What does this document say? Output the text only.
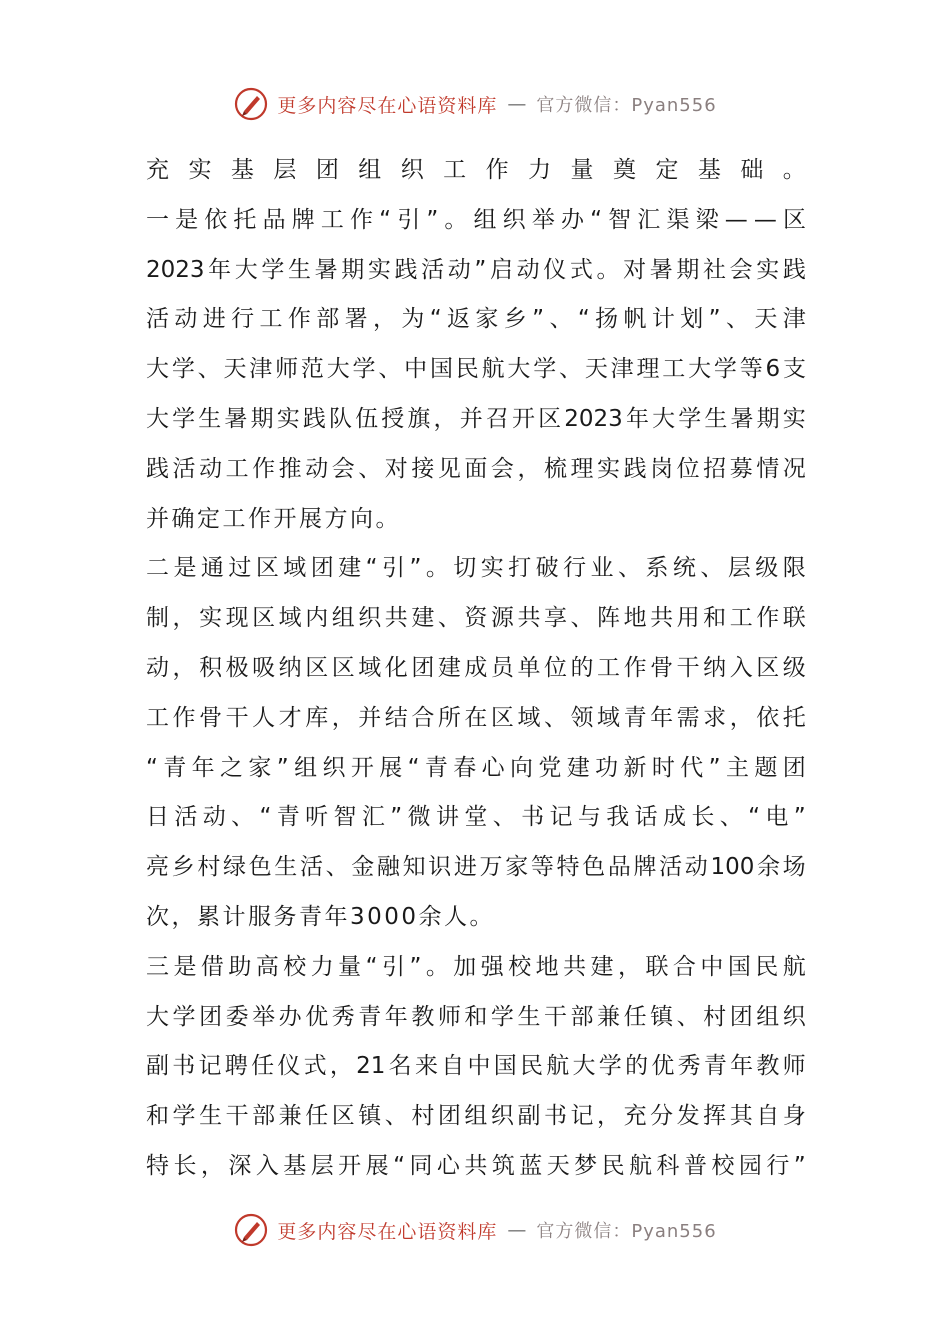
更多内容尽在心语资料库 — 官方微信：Pyan556
充 实 基 层 团 组 织 工 作 力 量 奠 定 基 础 。
一 是 依 托 品 牌 工 作 “ 引 ” 。 组 织 举 办 “ 智 汇 渠 梁 — — 区
2023 年 大 学 生 暑 期 实 践 活 动 ” 启 动 仪 式 。 对 暑 期 社 会 实 践
活 动 进 行 工 作 部 署 ， 为 “ 返 家 乡 ” 、 “ 扬 帆 计 划 ” 、 天 津
大 学 、 天 津 师 范 大 学 、 中 国 民 航 大 学 、 天 津 理 工 大 学 等 6 支
大 学 生 暑 期 实 践 队 伍 授 旗 ， 并 召 开 区 2023 年 大 学 生 暑 期 实
践 活 动 工 作 推 动 会 、 对 接 见 面 会 ， 梳 理 实 践 岗 位 招 募 情 况
并 确 定 工 作 开 展 方 向 。
二 是 通 过 区 域 团 建 “ 引 ” 。 切 实 打 破 行 业 、 系 统 、 层 级 限
制 ， 实 现 区 域 内 组 织 共 建 、 资 源 共 享 、 阵 地 共 用 和 工 作 联
动 ， 积 极 吸 纳 区 区 域 化 团 建 成 员 单 位 的 工 作 骨 干 纳 入 区 级
工 作 骨 干 人 才 库 ， 并 结 合 所 在 区 域 、 领 域 青 年 需 求 ， 依 托
“ 青 年 之 家 ” 组 织 开 展 “ 青 春 心 向 党 建 功 新 时 代 ” 主 题 团
日 活 动 、 “ 青 听 智 汇 ” 微 讲 堂 、 书 记 与 我 话 成 长 、 “ 电 ”
亮 乡 村 绿 色 生 活 、 金 融 知 识 进 万 家 等 特 色 品 牌 活 动 100 余 场
次 ， 累 计 服 务 青 年 3000 余 人 。
三 是 借 助 高 校 力 量 “ 引 ” 。 加 强 校 地 共 建 ， 联 合 中 国 民 航
大 学 团 委 举 办 优 秀 青 年 教 师 和 学 生 干 部 兼 任 镇 、 村 团 组 织
副 书 记 聘 任 仪 式 ， 21 名 来 自 中 国 民 航 大 学 的 优 秀 青 年 教 师
和 学 生 干 部 兼 任 区 镇 、 村 团 组 织 副 书 记 ， 充 分 发 挥 其 自 身
特 长 ， 深 入 基 层 开 展 “ 同 心 共 筑 蓝 天 梦 民 航 科 普 校 园 行 ”
更多内容尽在心语资料库 — 官方微信：Pyan556
